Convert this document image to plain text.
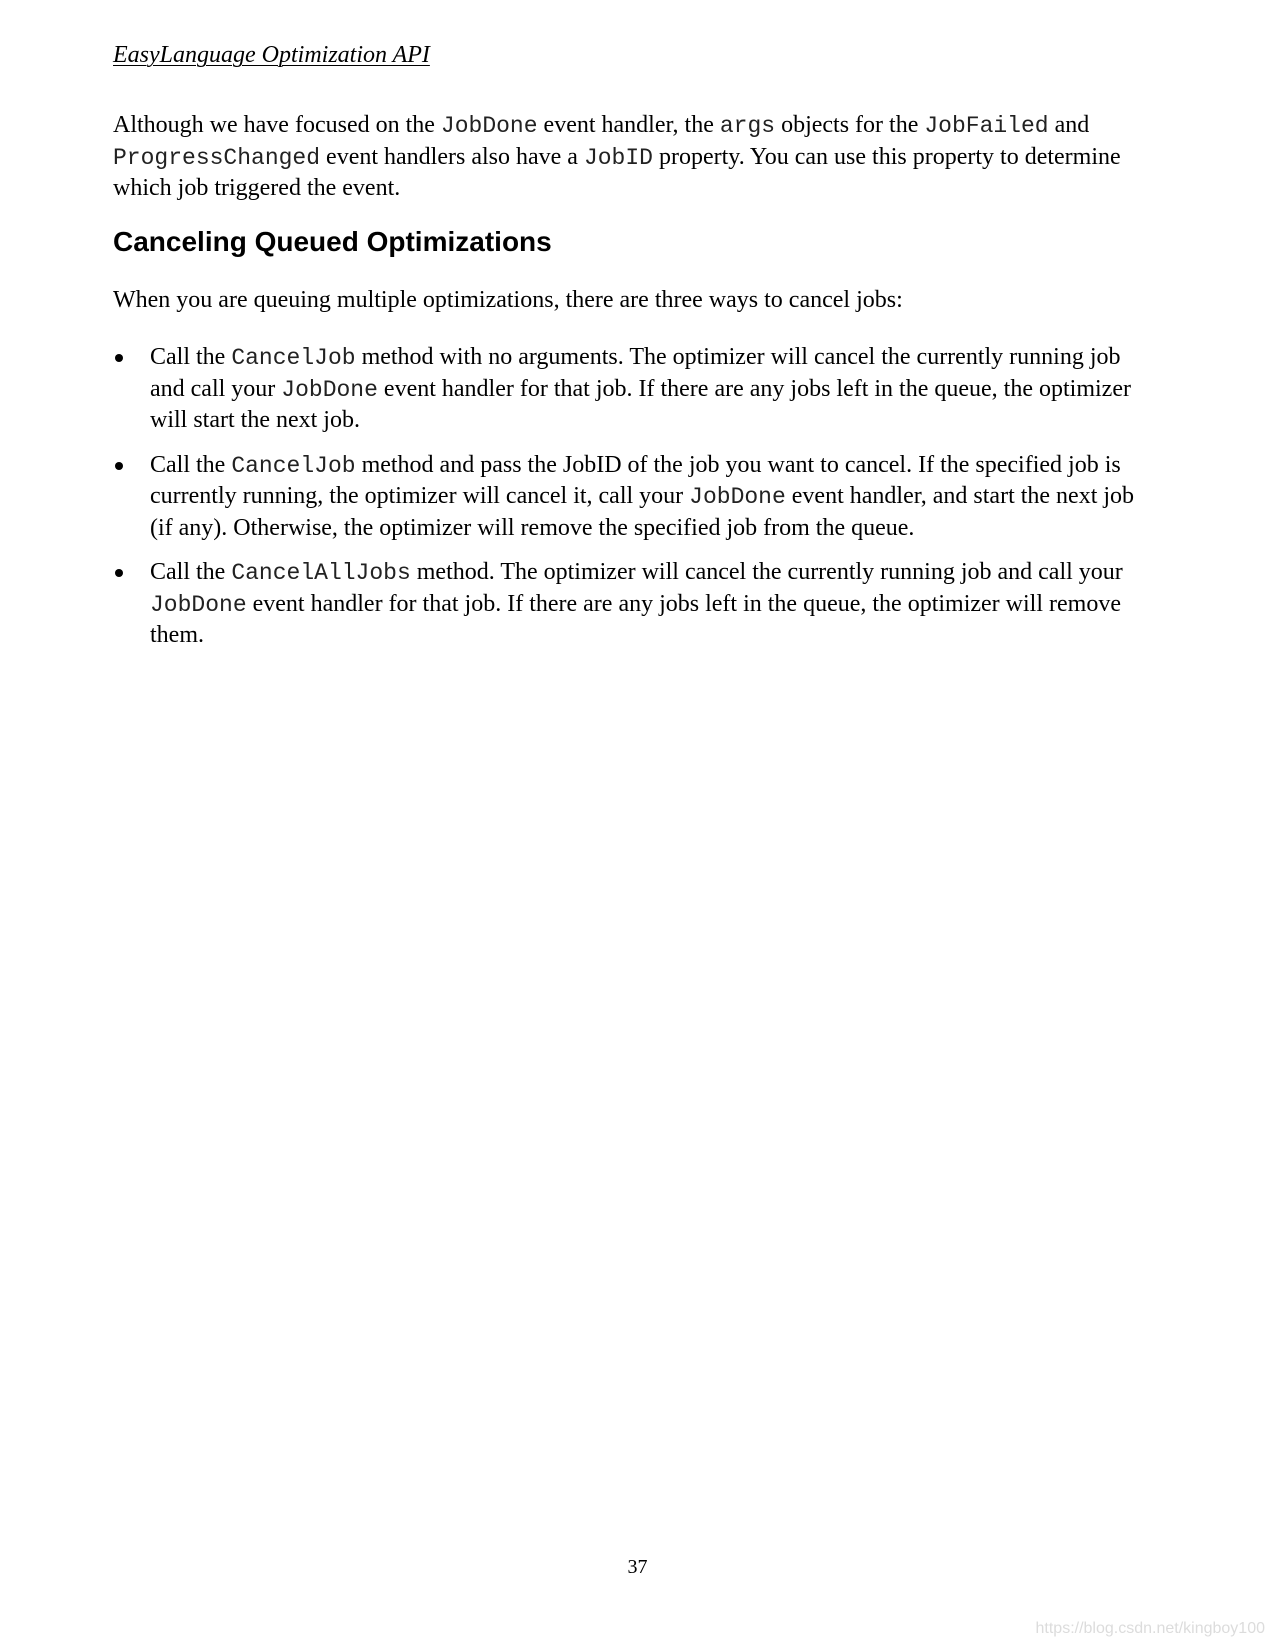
EasyLanguage Optimization API

Although we have focused on the JobDone event handler, the args objects for the JobFailed and ProgressChanged event handlers also have a JobID property. You can use this property to determine which job triggered the event.

Canceling Queued Optimizations

When you are queuing multiple optimizations, there are three ways to cancel jobs:

Call the CancelJob method with no arguments. The optimizer will cancel the currently running job and call your JobDone event handler for that job. If there are any jobs left in the queue, the optimizer will start the next job.
Call the CancelJob method and pass the JobID of the job you want to cancel. If the specified job is currently running, the optimizer will cancel it, call your JobDone event handler, and start the next job (if any). Otherwise, the optimizer will remove the specified job from the queue.
Call the CancelAllJobs method. The optimizer will cancel the currently running job and call your JobDone event handler for that job. If there are any jobs left in the queue, the optimizer will remove them.
37
https://blog.csdn.net/kingboy100
